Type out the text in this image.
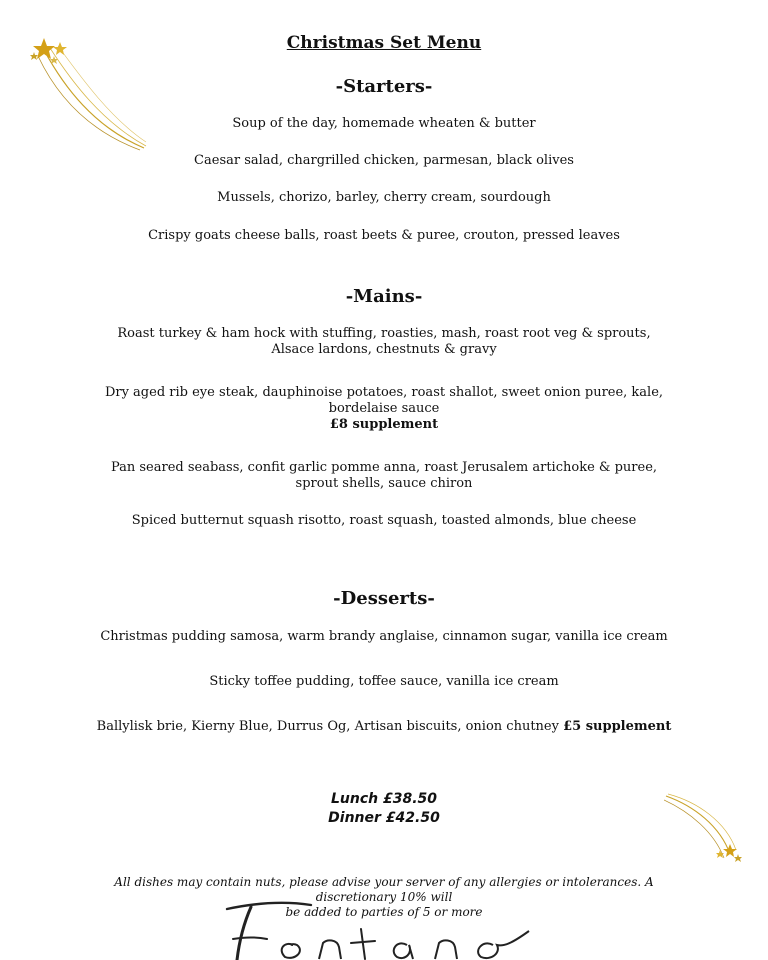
Christmas Set Menu
-Starters-
Soup of the day, homemade wheaten & butter
Caesar salad, chargrilled chicken, parmesan, black olives
Mussels, chorizo, barley, cherry cream, sourdough
Crispy goats cheese balls, roast beets & puree, crouton, pressed leaves
-Mains-
Roast turkey & ham hock with stuffing, roasties, mash, roast root veg & sprouts,
Alsace lardons, chestnuts & gravy
Dry aged rib eye steak, dauphinoise potatoes, roast shallot, sweet onion puree, kale,
bordelaise sauce
£8 supplement
Pan seared seabass, confit garlic pomme anna, roast Jerusalem artichoke & puree,
sprout shells, sauce chiron
Spiced butternut squash risotto, roast squash, toasted almonds, blue cheese
-Desserts-
Christmas pudding samosa, warm brandy anglaise, cinnamon sugar, vanilla ice cream
Sticky toffee pudding, toffee sauce, vanilla ice cream
Ballylisk brie, Kierny Blue, Durrus Og, Artisan biscuits, onion chutney £5 supplement
Lunch £38.50
Dinner £42.50
All dishes may contain nuts, please advise your server of any allergies or intolerances. A discretionary 10% will
be added to parties of 5 or more
